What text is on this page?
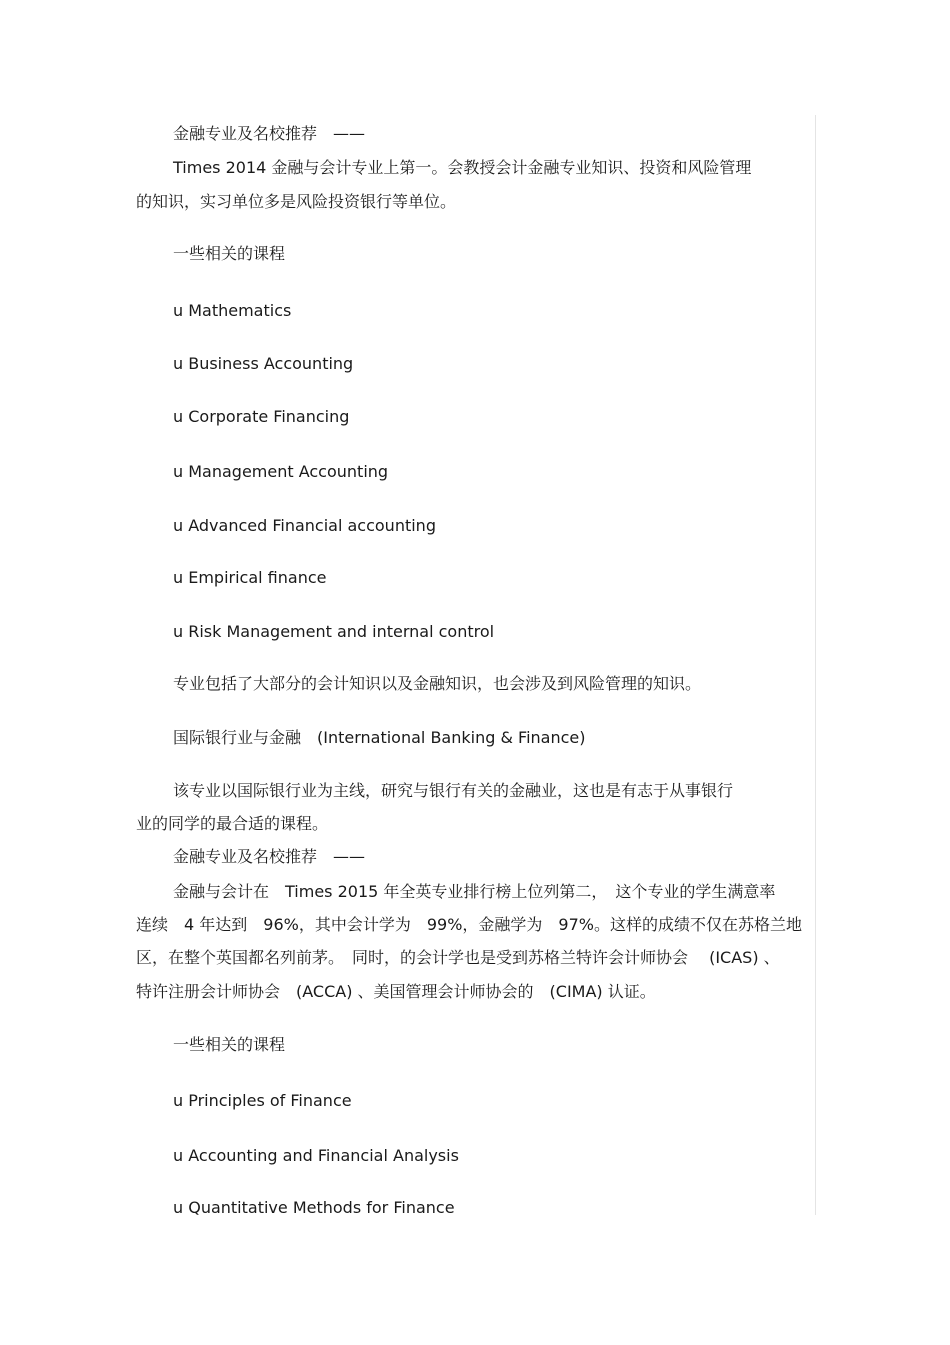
金融专业及名校推荐　——
Times 2014 金融与会计专业上第一。会教授会计金融专业知识、投资和风险管理
的知识，实习单位多是风险投资银行等单位。
一些相关的课程
u Mathematics
u Business Accounting
u Corporate Financing
u Management Accounting
u Advanced Financial accounting
u Empirical finance
u Risk Management and internal control
专业包括了大部分的会计知识以及金融知识，也会涉及到风险管理的知识。
国际银行业与金融　(International Banking & Finance)
该专业以国际银行业为主线，研究与银行有关的金融业，这也是有志于从事银行
业的同学的最合适的课程。
金融专业及名校推荐　——
金融与会计在　Times 2015 年全英专业排行榜上位列第二，　这个专业的学生满意率
连续　4 年达到　96%，其中会计学为　99%，金融学为　97%。这样的成绩不仅在苏格兰地
区，在整个英国都名列前茅。　同时，的会计学也是受到苏格兰特许会计师协会　 (ICAS) 、
特许注册会计师协会　(ACCA) 、美国管理会计师协会的　(CIMA) 认证。
一些相关的课程
u Principles of Finance
u Accounting and Financial Analysis
u Quantitative Methods for Finance
